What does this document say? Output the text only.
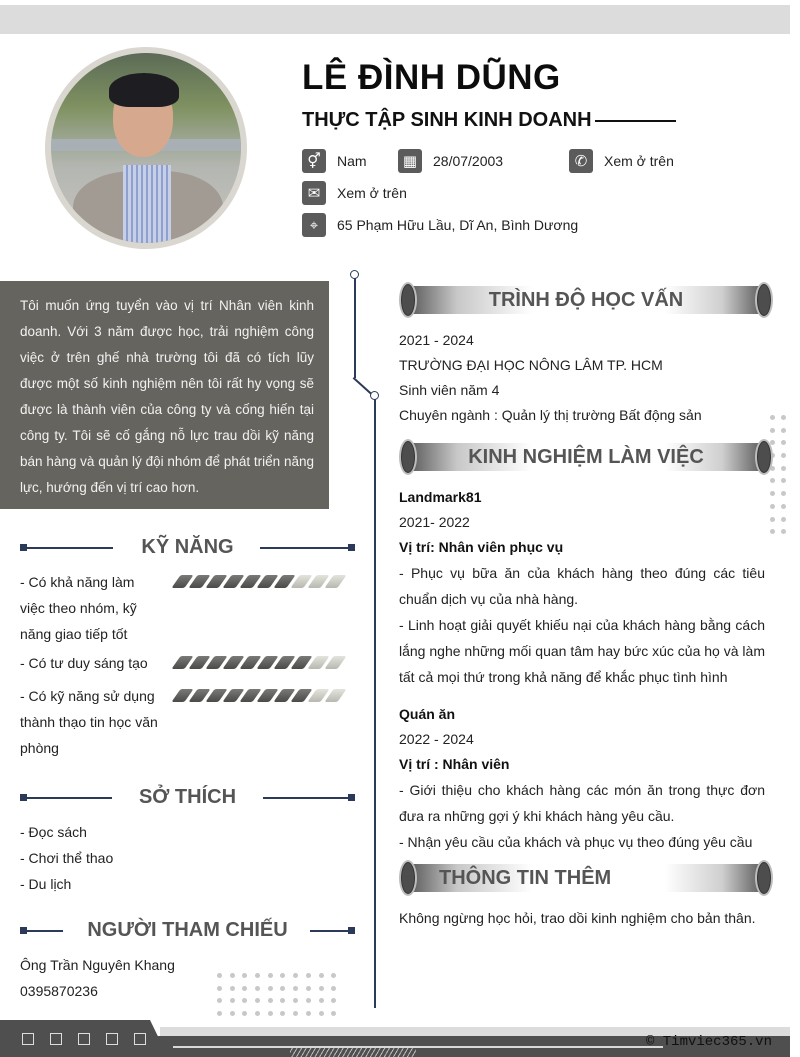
LÊ ĐÌNH DŨNG
THỰC TẬP SINH KINH DOANH
⚥	Nam	▦	28/07/2003	✆	Xem ở trên
✉	Xem ở trên
⌖	65 Phạm Hữu Lầu, Dĩ An, Bình Dương
Tôi muốn ứng tuyển vào vị trí Nhân viên kinh doanh. Với 3 năm được học, trải nghiệm công việc ở trên ghế nhà trường tôi đã có tích lũy được một số kinh nghiệm nên tôi rất hy vọng sẽ được là thành viên của công ty và cống hiến tại công ty. Tôi sẽ cố gắng nỗ lực trau dồi kỹ năng bán hàng và quản lý đội nhóm để phát triển năng lực, hướng đến vị trí cao hơn.
KỸ NĂNG
- Có khả năng làm việc theo nhóm, kỹ năng giao tiếp tốt
- Có tư duy sáng tạo
- Có kỹ năng sử dụng thành thạo tin học văn phòng
SỞ THÍCH
- Đọc sách
- Chơi thể thao
- Du lịch
NGƯỜI THAM CHIẾU
Ông Trần Nguyên Khang
0395870236
TRÌNH ĐỘ HỌC VẤN
2021 - 2024
TRƯỜNG ĐẠI HỌC NÔNG LÂM TP. HCM
Sinh viên năm 4
Chuyên ngành : Quản lý thị trường Bất động sản
KINH NGHIỆM LÀM VIỆC
Landmark81
2021- 2022
Vị trí: Nhân viên phục vụ
- Phục vụ bữa ăn của khách hàng theo đúng các tiêu chuẩn dịch vụ của nhà hàng.
- Linh hoạt giải quyết khiếu nại của khách hàng bằng cách lắng nghe những mối quan tâm hay bức xúc của họ và làm tất cả mọi thứ trong khả năng để khắc phục tình hình
Quán ăn
2022 - 2024
Vị trí : Nhân viên
- Giới thiệu cho khách hàng các món ăn trong thực đơn đưa ra những gợi ý khi khách hàng yêu cầu.
- Nhận yêu cầu của khách và phục vụ theo đúng yêu cầu
THÔNG TIN THÊM
Không ngừng học hỏi, trao dồi kinh nghiệm cho bản thân.
© Timviec365.vn
